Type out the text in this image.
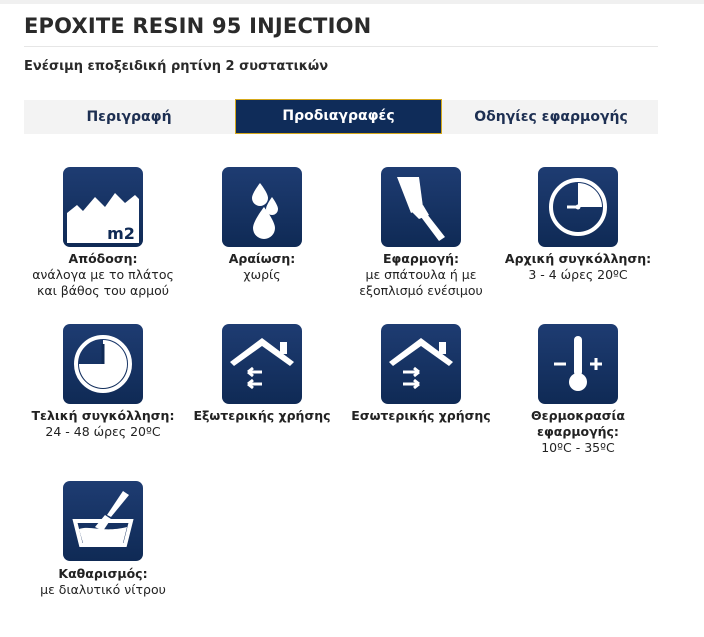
EPOXITE RESIN 95 INJECTION
Ενέσιμη εποξειδική ρητίνη 2 συστατικών
Περιγραφή	Προδιαγραφές	Οδηγίες εφαρμογής
m2
Απόδοση:
ανάλογα με το πλάτος
και βάθος του αρμού
Αραίωση:
χωρίς
Εφαρμογή:
με σπάτουλα ή με
εξοπλισμό ενέσιμου
Αρχική συγκόλληση:
3 - 4 ώρες 20ºC
Τελική συγκόλληση:
24 - 48 ώρες 20ºC
Εξωτερικής χρήσης	Εσωτερικής χρήσης	Θερμοκρασία
εφαρμογής:
10ºC - 35ºC
Καθαρισμός:
με διαλυτικό νίτρου
